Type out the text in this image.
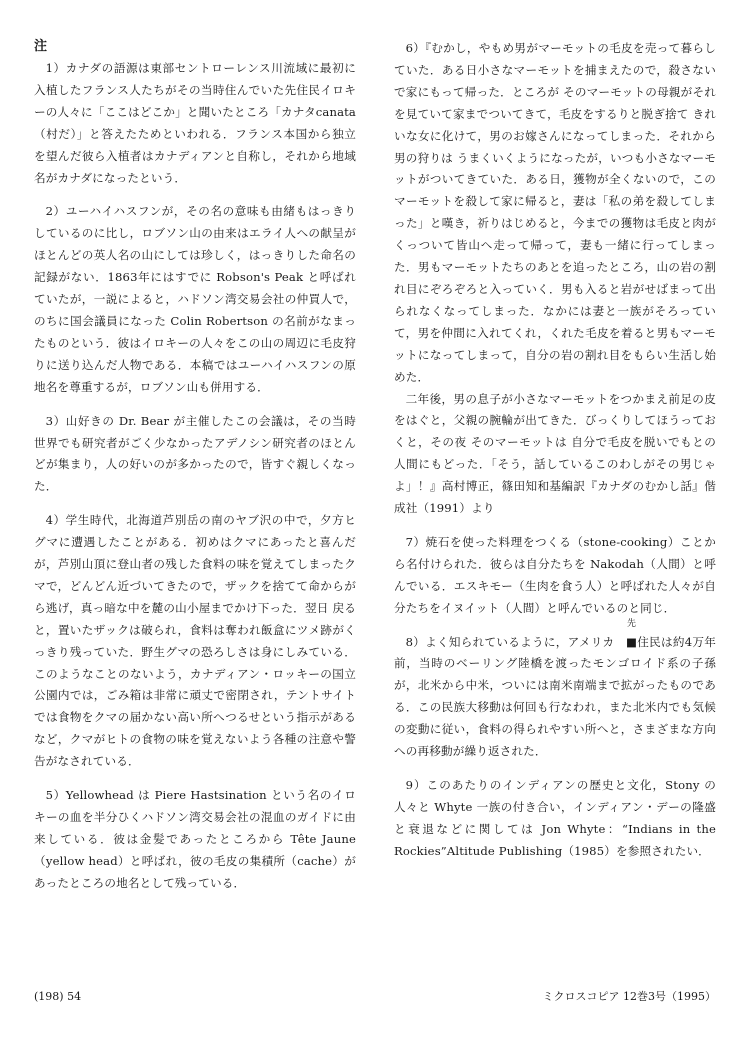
注

1）カナダの語源は東部セントローレンス川流域に最初に入植したフランス人たちがその当時住んでいた先住民イロキーの人々に「ここはどこか」と聞いたところ「カナタcanata（村だ）」と答えたためといわれる．フランス本国から独立を望んだ彼ら入植者はカナディアンと自称し，それから地域名がカナダになったという．

2）ユーハイハスフンが，その名の意味も由緒もはっきりしているのに比し，ロブソン山の由来はエライ人への献呈がほとんどの英人名の山にしては珍しく，はっきりした命名の記録がない．1863年にはすでに Robson's Peak と呼ばれていたが，一説によると，ハドソン湾交易会社の仲買人で，のちに国会議員になった Colin Robertson の名前がなまったものという．彼はイロキーの人々をこの山の周辺に毛皮狩りに送り込んだ人物である．本稿ではユーハイハスフンの原地名を尊重するが，ロブソン山も併用する．

3）山好きの Dr. Bear が主催したこの会議は，その当時世界でも研究者がごく少なかったアデノシン研究者のほとんどが集まり，人の好いのが多かったので，皆すぐ親しくなった．

4）学生時代，北海道芦別岳の南のヤブ沢の中で，夕方ヒグマに遭遇したことがある．初めはクマにあったと喜んだが，芦別山頂に登山者の残した食料の味を覚えてしまったクマで，どんどん近づいてきたので，ザックを捨てて命からがら逃げ，真っ暗な中を麓の山小屋までかけ下った．翌日 戻ると，置いたザックは破られ，食料は奪われ飯盒にツメ跡がくっきり残っていた．野生グマの恐ろしさは身にしみている．このようなことのないよう，カナディアン・ロッキーの国立公園内では，ごみ箱は非常に頑丈で密閉され，テントサイトでは食物をクマの届かない高い所へつるせという指示があるなど，クマがヒトの食物の味を覚えないよう各種の注意や警告がなされている．

5）Yellowhead は Piere Hastsination という名のイロキーの血を半分ひくハドソン湾交易会社の混血のガイドに由来している．彼は金髪であったところから Tête Jaune（yellow head）と呼ばれ，彼の毛皮の集積所（cache）があったところの地名として残っている．

6）『むかし，やもめ男がマーモットの毛皮を売って暮らしていた．ある日小さなマーモットを捕まえたので，殺さないで家にもって帰った．ところが そのマーモットの母親がそれを見ていて家までついてきて，毛皮をするりと脱ぎ捨て きれいな女に化けて，男のお嫁さんになってしまった．それから 男の狩りは うまくいくようになったが，いつも小さなマーモットがついてきていた．ある日，獲物が全くないので，このマーモットを殺して家に帰ると，妻は「私の弟を殺してしまった」と嘆き，祈りはじめると，今までの獲物は毛皮と肉がくっついて皆山へ走って帰って，妻も一緒に行ってしまった．男もマーモットたちのあとを追ったところ，山の岩の割れ目にぞろぞろと入っていく．男も入ると岩がせばまって出られなくなってしまった．なかには妻と一族がそろっていて，男を仲間に入れてくれ，くれた毛皮を着ると男もマーモットになってしまって，自分の岩の割れ目をもらい生活し始めた．

二年後，男の息子が小さなマーモットをつかまえ前足の皮をはぐと，父親の腕輪が出てきた．びっくりしてほうっておくと，その夜 そのマーモットは 自分で毛皮を脱いでもとの人間にもどった．「そう，話しているこのわしがその男じゃよ」！』高村博正，篠田知和基編訳『カナダのむかし話』偕成社（1991）より

7）焼石を使った料理をつくる（stone-cooking）ことから名付けられた．彼らは自分たちを Nakodah（人間）と呼んでいる．エスキモー（生肉を食う人）と呼ばれた人々が自分たちをイヌイット（人間）と呼んでいるのと同じ．

8）よく知られているように，アメリカ
先
■住民は約4万年前，当時のベーリング陸橋を渡ったモンゴロイド系の子孫が，北米から中米，ついには南米南端まで拡がったものである．この民族大移動は何回も行なわれ，また北米内でも気候の変動に従い，食料の得られやすい所へと，さまざまな方向への再移動が繰り返された．

9）このあたりのインディアンの歴史と文化，Stony の人々と Whyte 一族の付き合い，インディアン・デーの隆盛と衰退などに関しては Jon Whyte：“Indians in the Rockies”Altitude Publishing（1985）を参照されたい．

(198) 54	ミクロスコピア 12巻3号（1995）
